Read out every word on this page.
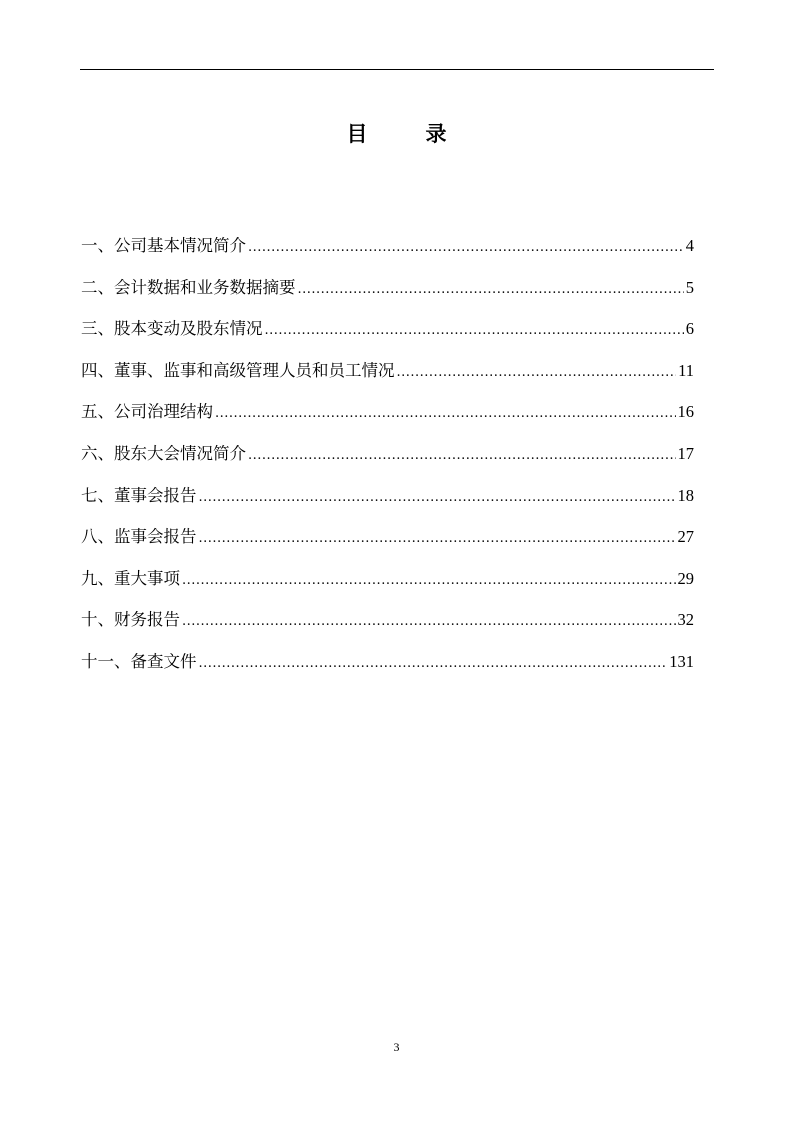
目	录
一、公司基本情况简介 .....	4
二、会计数据和业务数据摘要 .....	5
三、股本变动及股东情况 .....	6
四、董事、监事和高级管理人员和员工情况 .....	11
五、公司治理结构 .....	16
六、股东大会情况简介 .....	17
七、董事会报告 .....	18
八、监事会报告 .....	27
九、重大事项 .....	29
十、财务报告 .....	32
十一、备查文件 .....	131
3
